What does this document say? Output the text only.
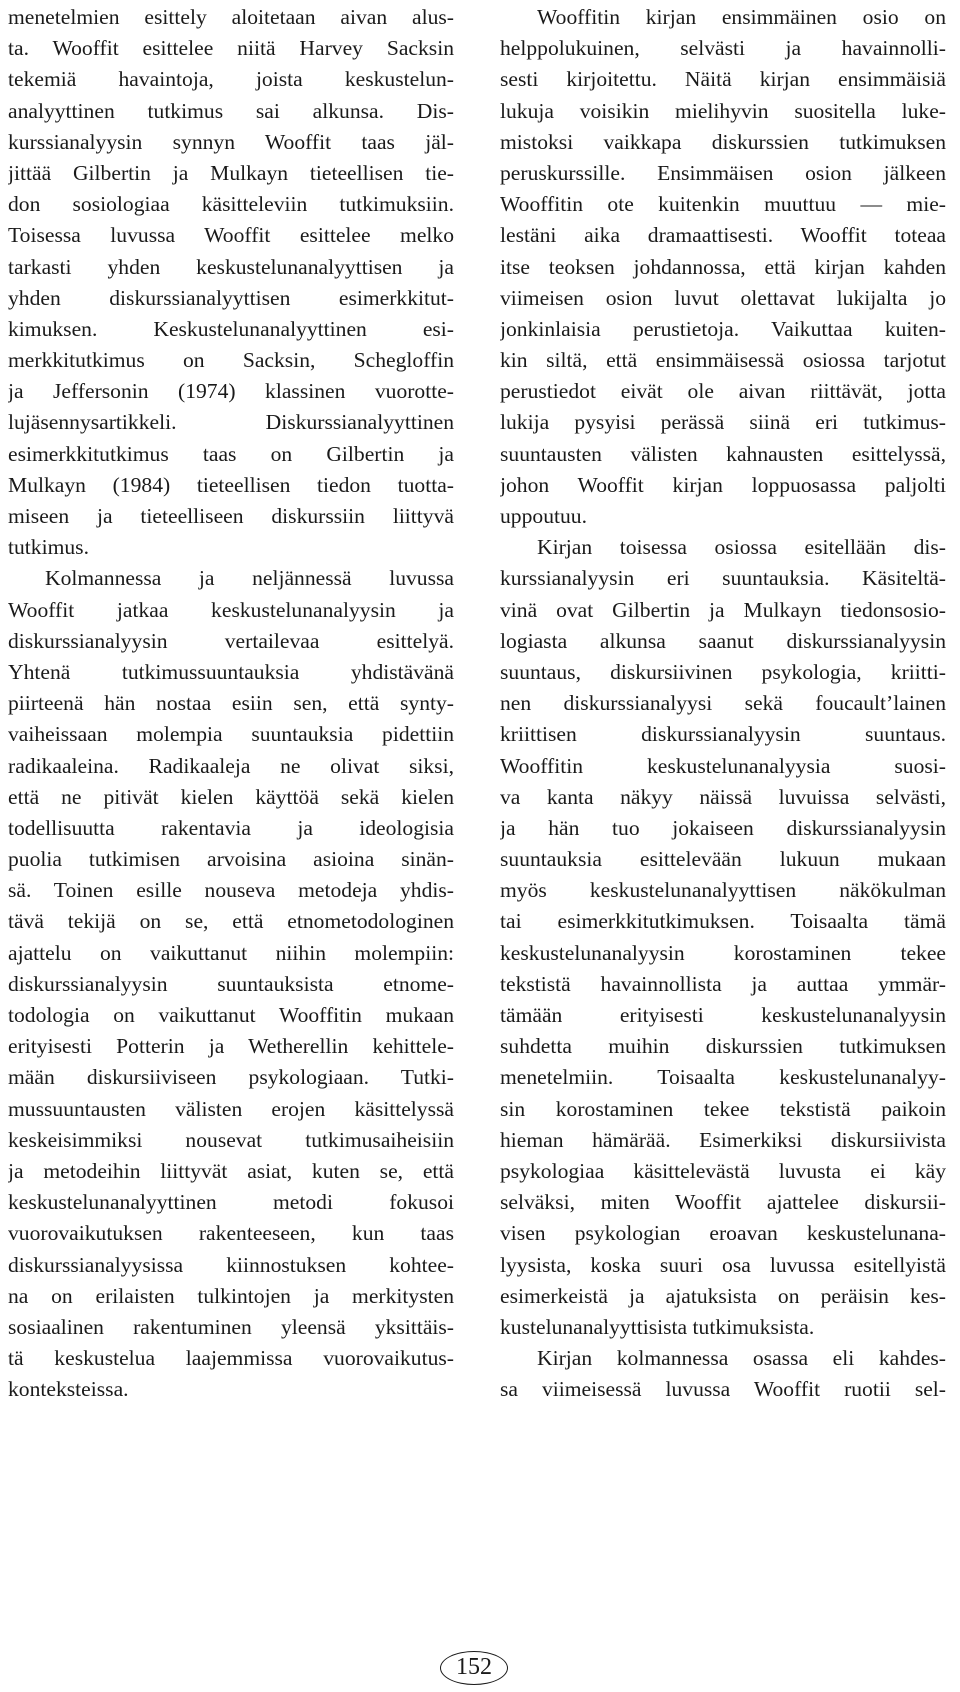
menetelmien esittely aloitetaan aivan alus-
ta. Wooffit esittelee niitä Harvey Sacksin
tekemiä havaintoja, joista keskustelun-
analyyttinen tutkimus sai alkunsa. Dis-
kurssianalyysin synnyn Wooffit taas jäl-
jittää Gilbertin ja Mulkayn tieteellisen tie-
don sosiologiaa käsitteleviin tutkimuksiin.
Toisessa luvussa Wooffit esittelee melko
tarkasti yhden keskustelunanalyyttisen ja
yhden diskurssianalyyttisen esimerkkitut-
kimuksen. Keskustelunanalyyttinen esi-
merkkitutkimus on Sacksin, Schegloffin
ja Jeffersonin (1974) klassinen vuorotte-
lujäsennysartikkeli. Diskurssianalyyttinen
esimerkkitutkimus taas on Gilbertin ja
Mulkayn (1984) tieteellisen tiedon tuotta-
miseen ja tieteelliseen diskurssiin liittyvä
tutkimus.
Kolmannessa ja neljännessä luvussa
Wooffit jatkaa keskustelunanalyysin ja
diskurssianalyysin vertailevaa esittelyä.
Yhtenä tutkimussuuntauksia yhdistävänä
piirteenä hän nostaa esiin sen, että synty-
vaiheissaan molempia suuntauksia pidettiin
radikaaleina. Radikaaleja ne olivat siksi,
että ne pitivät kielen käyttöä sekä kielen
todellisuutta rakentavia ja ideologisia
puolia tutkimisen arvoisina asioina sinän-
sä. Toinen esille nouseva metodeja yhdis-
tävä tekijä on se, että etnometodologinen
ajattelu on vaikuttanut niihin molempiin:
diskurssianalyysin suuntauksista etnome-
todologia on vaikuttanut Wooffitin mukaan
erityisesti Potterin ja Wetherellin kehittele-
mään diskursiiviseen psykologiaan. Tutki-
mussuuntausten välisten erojen käsittelyssä
keskeisimmiksi nousevat tutkimusaiheisiin
ja metodeihin liittyvät asiat, kuten se, että
keskustelunanalyyttinen metodi fokusoi
vuorovaikutuksen rakenteeseen, kun taas
diskurssianalyysissa kiinnostuksen kohtee-
na on erilaisten tulkintojen ja merkitysten
sosiaalinen rakentuminen yleensä yksittäis-
tä keskustelua laajemmissa vuorovaikutus-
konteksteissa.
Wooffitin kirjan ensimmäinen osio on
helppolukuinen, selvästi ja havainnolli-
sesti kirjoitettu. Näitä kirjan ensimmäisiä
lukuja voisikin mielihyvin suositella luke-
mistoksi vaikkapa diskurssien tutkimuksen
peruskurssille. Ensimmäisen osion jälkeen
Wooffitin ote kuitenkin muuttuu — mie-
lestäni aika dramaattisesti. Wooffit toteaa
itse teoksen johdannossa, että kirjan kahden
viimeisen osion luvut olettavat lukijalta jo
jonkinlaisia perustietoja. Vaikuttaa kuiten-
kin siltä, että ensimmäisessä osiossa tarjotut
perustiedot eivät ole aivan riittävät, jotta
lukija pysyisi perässä siinä eri tutkimus-
suuntausten välisten kahnausten esittelyssä,
johon Wooffit kirjan loppuosassa paljolti
uppoutuu.
Kirjan toisessa osiossa esitellään dis-
kurssianalyysin eri suuntauksia. Käsiteltä-
vinä ovat Gilbertin ja Mulkayn tiedonsosio-
logiasta alkunsa saanut diskurssianalyysin
suuntaus, diskursiivinen psykologia, kriitti-
nen diskurssianalyysi sekä foucault’lainen
kriittisen diskurssianalyysin suuntaus.
Wooffitin keskustelunanalyysia suosi-
va kanta näkyy näissä luvuissa selvästi,
ja hän tuo jokaiseen diskurssianalyysin
suuntauksia esittelevään lukuun mukaan
myös keskustelunanalyyttisen näkökulman
tai esimerkkitutkimuksen. Toisaalta tämä
keskustelunanalyysin korostaminen tekee
tekstistä havainnollista ja auttaa ymmär-
tämään erityisesti keskustelunanalyysin
suhdetta muihin diskurssien tutkimuksen
menetelmiin. Toisaalta keskustelunanalyy-
sin korostaminen tekee tekstistä paikoin
hieman hämärää. Esimerkiksi diskursiivista
psykologiaa käsittelevästä luvusta ei käy
selväksi, miten Wooffit ajattelee diskursii-
visen psykologian eroavan keskustelunana-
lyysista, koska suuri osa luvussa esitellyistä
esimerkeistä ja ajatuksista on peräisin kes-
kustelunanalyyttisista tutkimuksista.
Kirjan kolmannessa osassa eli kahdes-
sa viimeisessä luvussa Wooffit ruotii sel-
152
